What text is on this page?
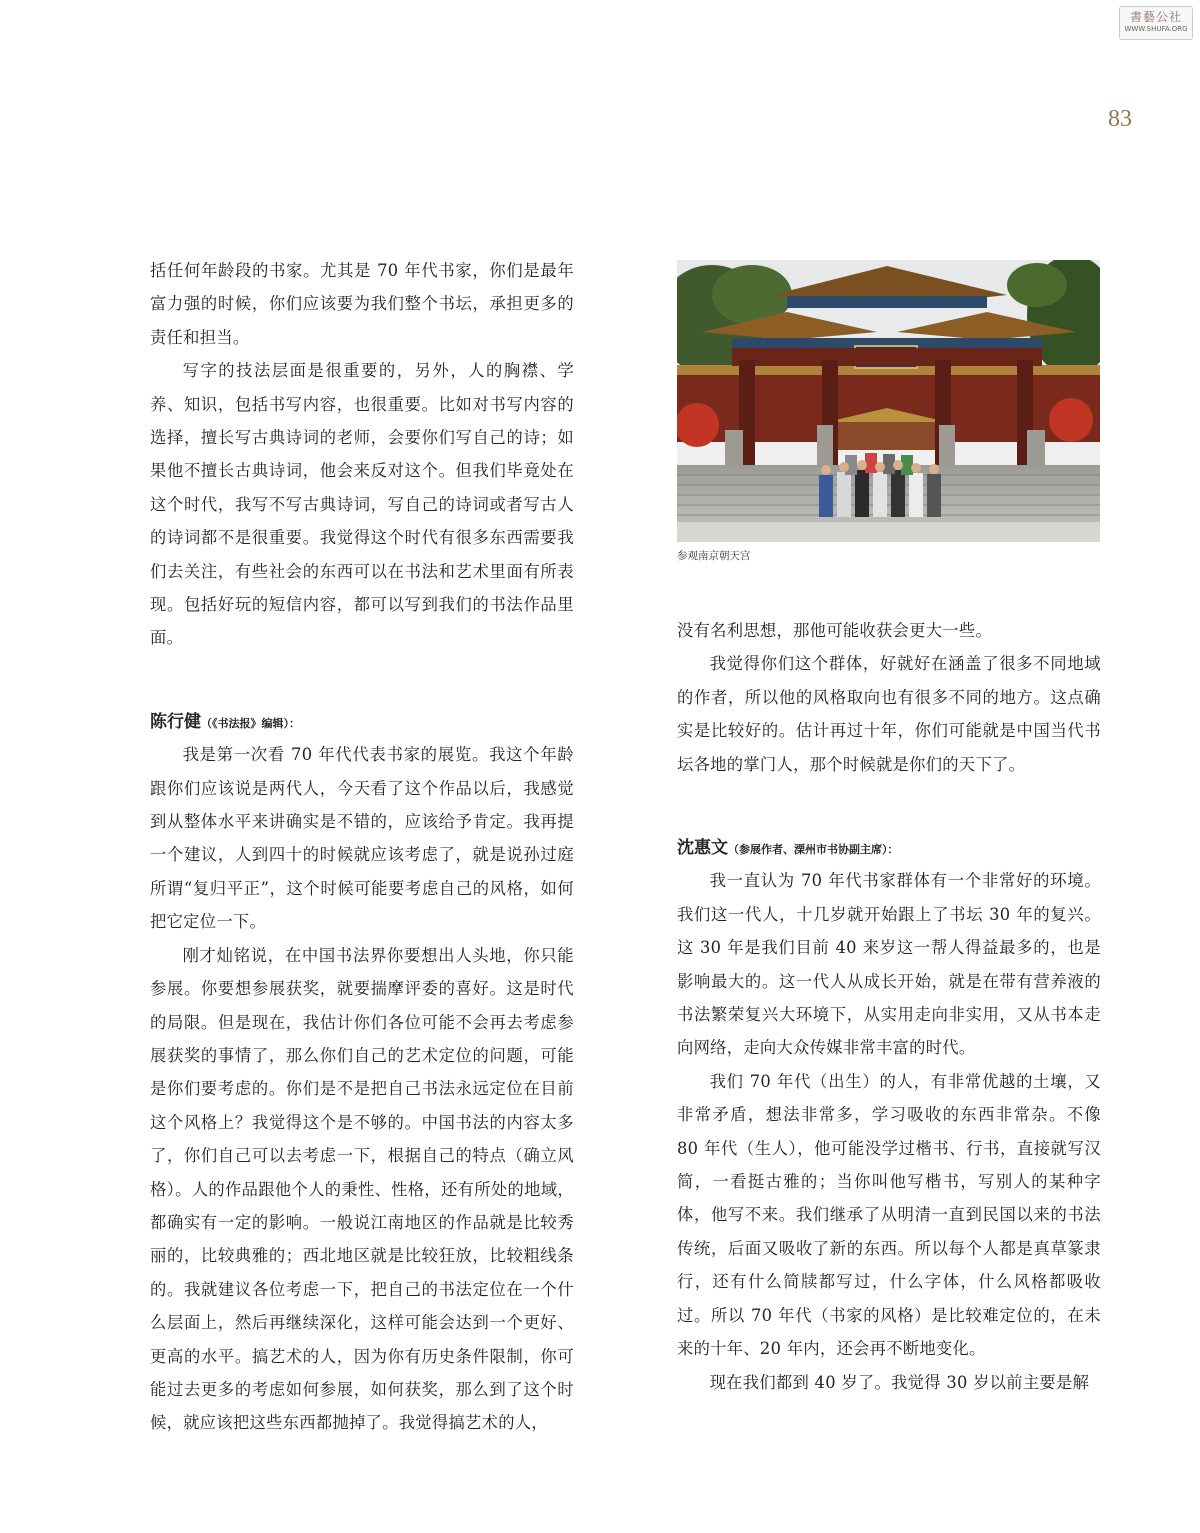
書藝公社
WWW.SHUFA.ORG
83

括任何年龄段的书家。尤其是 70 年代书家，你们是最年富力强的时候，你们应该要为我们整个书坛，承担更多的责任和担当。

写字的技法层面是很重要的，另外，人的胸襟、学养、知识，包括书写内容，也很重要。比如对书写内容的选择，擅长写古典诗词的老师，会要你们写自己的诗；如果他不擅长古典诗词，他会来反对这个。但我们毕竟处在这个时代，我写不写古典诗词，写自己的诗词或者写古人的诗词都不是很重要。我觉得这个时代有很多东西需要我们去关注，有些社会的东西可以在书法和艺术里面有所表现。包括好玩的短信内容，都可以写到我们的书法作品里面。

陈行健（《书法报》编辑）：

我是第一次看 70 年代代表书家的展览。我这个年龄跟你们应该说是两代人，今天看了这个作品以后，我感觉到从整体水平来讲确实是不错的，应该给予肯定。我再提一个建议，人到四十的时候就应该考虑了，就是说孙过庭所谓“复归平正”，这个时候可能要考虑自己的风格，如何把它定位一下。

刚才灿铭说，在中国书法界你要想出人头地，你只能参展。你要想参展获奖，就要揣摩评委的喜好。这是时代的局限。但是现在，我估计你们各位可能不会再去考虑参展获奖的事情了，那么你们自己的艺术定位的问题，可能是你们要考虑的。你们是不是把自己书法永远定位在目前这个风格上？我觉得这个是不够的。中国书法的内容太多了，你们自己可以去考虑一下，根据自己的特点（确立风格）。人的作品跟他个人的秉性、性格，还有所处的地域，都确实有一定的影响。一般说江南地区的作品就是比较秀丽的，比较典雅的；西北地区就是比较狂放，比较粗线条的。我就建议各位考虑一下，把自己的书法定位在一个什么层面上，然后再继续深化，这样可能会达到一个更好、更高的水平。搞艺术的人，因为你有历史条件限制，你可能过去更多的考虑如何参展，如何获奖，那么到了这个时候，就应该把这些东西都抛掉了。我觉得搞艺术的人，

参观南京朝天宫

没有名利思想，那他可能收获会更大一些。

我觉得你们这个群体，好就好在涵盖了很多不同地域的作者，所以他的风格取向也有很多不同的地方。这点确实是比较好的。估计再过十年，你们可能就是中国当代书坛各地的掌门人，那个时候就是你们的天下了。

沈惠文（参展作者、溧州市书协副主席）：

我一直认为 70 年代书家群体有一个非常好的环境。我们这一代人，十几岁就开始跟上了书坛 30 年的复兴。这 30 年是我们目前 40 来岁这一帮人得益最多的，也是影响最大的。这一代人从成长开始，就是在带有营养液的书法繁荣复兴大环境下，从实用走向非实用，又从书本走向网络，走向大众传媒非常丰富的时代。

我们 70 年代（出生）的人，有非常优越的土壤，又非常矛盾，想法非常多，学习吸收的东西非常杂。不像 80 年代（生人），他可能没学过楷书、行书，直接就写汉简，一看挺古雅的；当你叫他写楷书，写别人的某种字体，他写不来。我们继承了从明清一直到民国以来的书法传统，后面又吸收了新的东西。所以每个人都是真草篆隶行，还有什么简牍都写过，什么字体，什么风格都吸收过。所以 70 年代（书家的风格）是比较难定位的，在未来的十年、20 年内，还会再不断地变化。

现在我们都到 40 岁了。我觉得 30 岁以前主要是解
